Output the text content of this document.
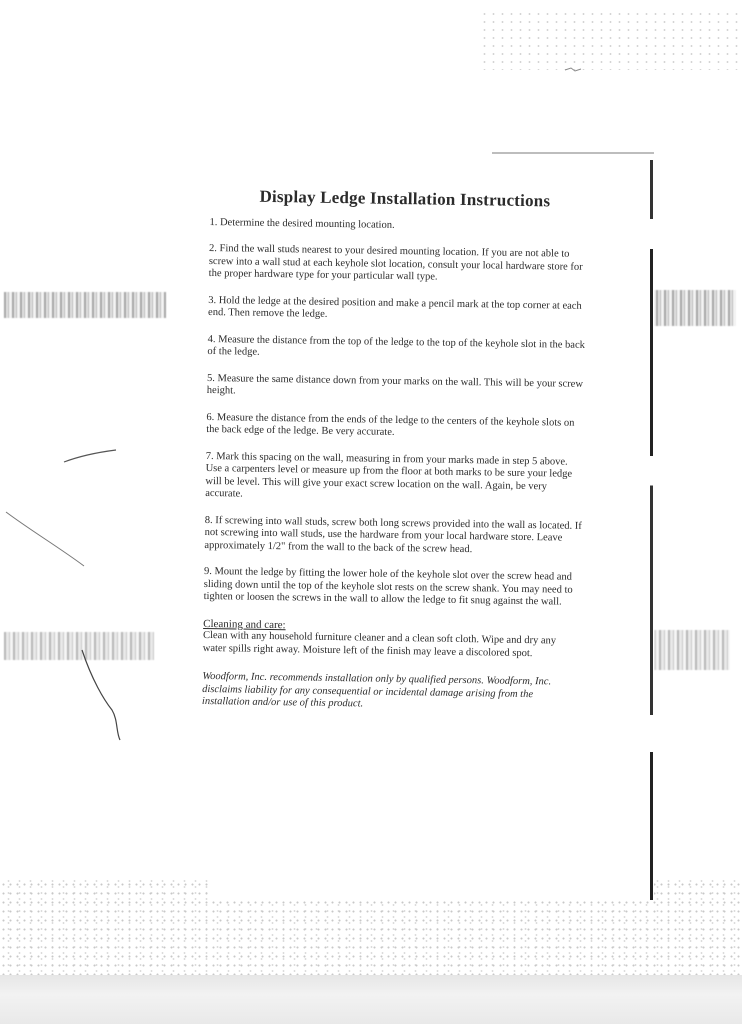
Display Ledge Installation Instructions
1. Determine the desired mounting location.
2. Find the wall studs nearest to your desired mounting location. If you are not able to screw into a wall stud at each keyhole slot location, consult your local hardware store for the proper hardware type for your particular wall type.
3. Hold the ledge at the desired position and make a pencil mark at the top corner at each end. Then remove the ledge.
4. Measure the distance from the top of the ledge to the top of the keyhole slot in the back of the ledge.
5. Measure the same distance down from your marks on the wall. This will be your screw height.
6. Measure the distance from the ends of the ledge to the centers of the keyhole slots on the back edge of the ledge. Be very accurate.
7. Mark this spacing on the wall, measuring in from your marks made in step 5 above. Use a carpenters level or measure up from the floor at both marks to be sure your ledge will be level. This will give your exact screw location on the wall. Again, be very accurate.
8. If screwing into wall studs, screw both long screws provided into the wall as located. If not screwing into wall studs, use the hardware from your local hardware store. Leave approximately 1/2" from the wall to the back of the screw head.
9. Mount the ledge by fitting the lower hole of the keyhole slot over the screw head and sliding down until the top of the keyhole slot rests on the screw shank. You may need to tighten or loosen the screws in the wall to allow the ledge to fit snug against the wall.
Cleaning and care:
Clean with any household furniture cleaner and a clean soft cloth. Wipe and dry any water spills right away. Moisture left of the finish may leave a discolored spot.
Woodform, Inc. recommends installation only by qualified persons. Woodform, Inc. disclaims liability for any consequential or incidental damage arising from the installation and/or use of this product.
